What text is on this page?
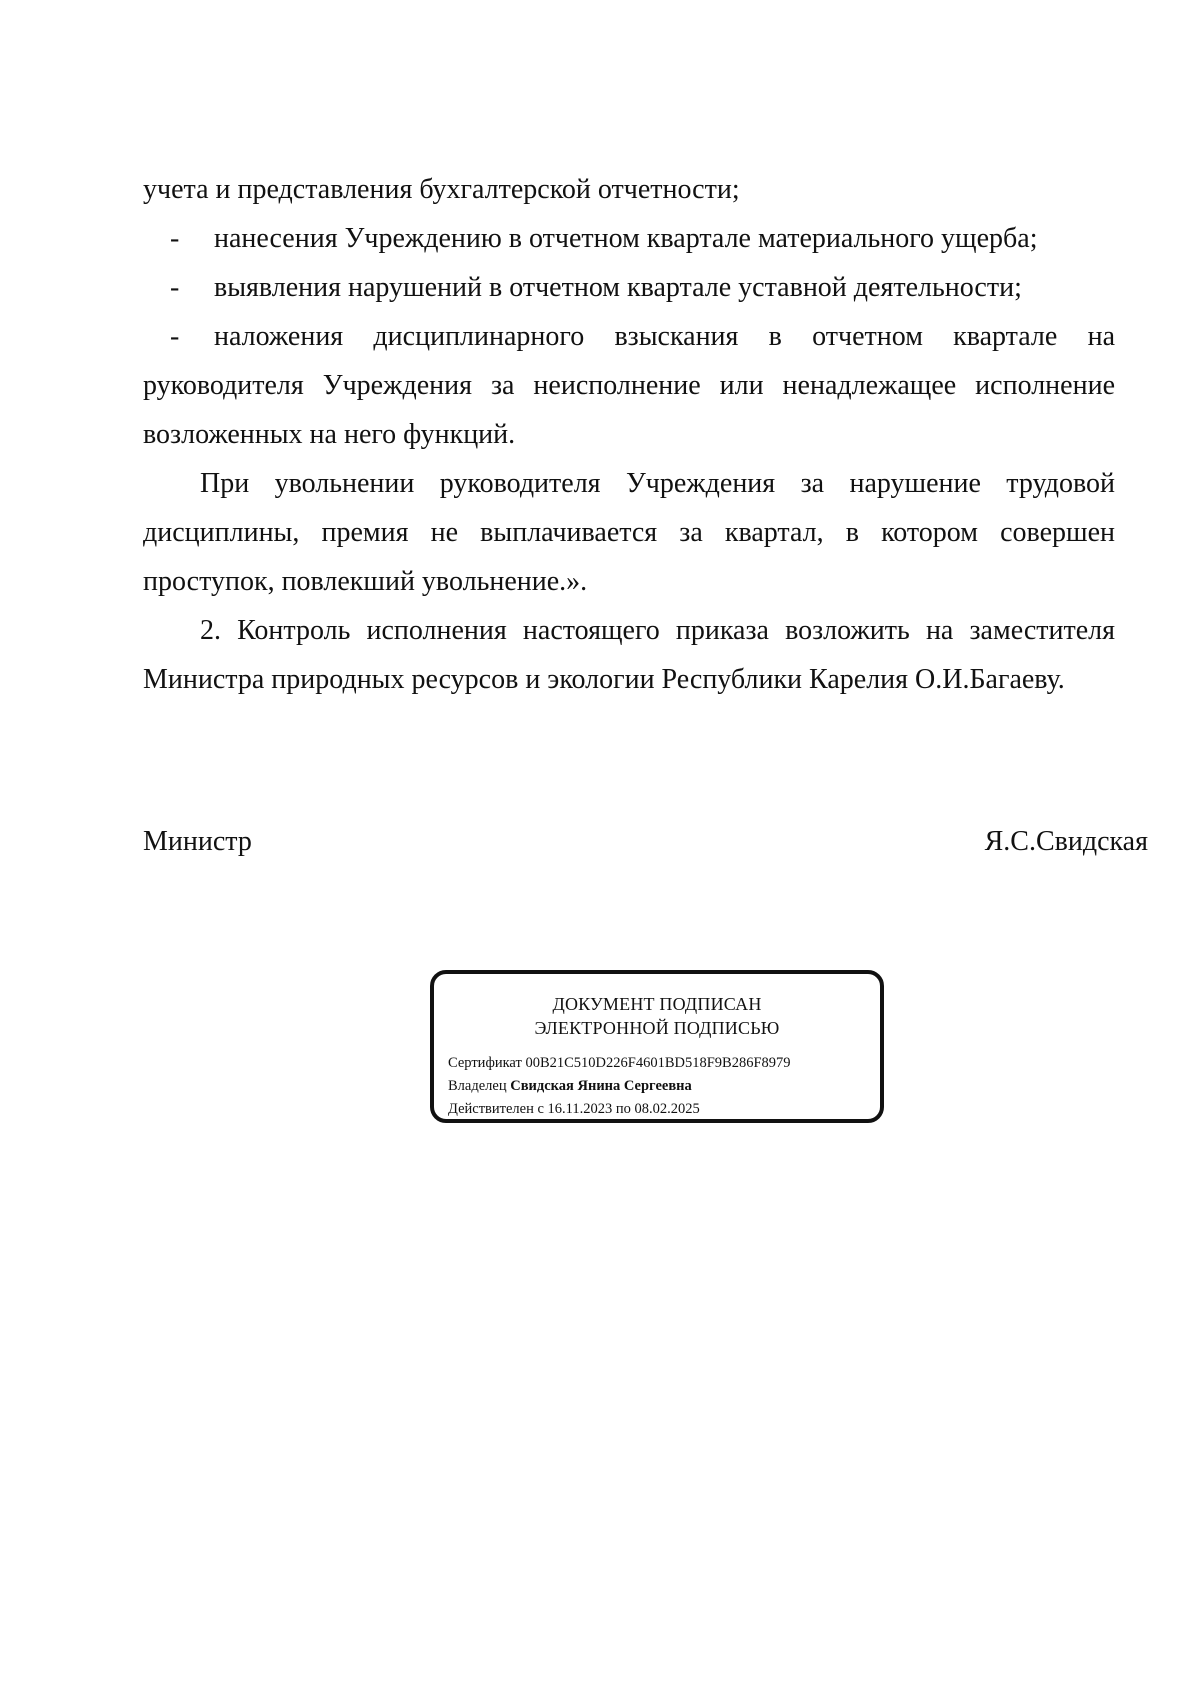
учета и представления бухгалтерской отчетности;

- нанесения Учреждению в отчетном квартале материального ущерба;

- выявления нарушений в отчетном квартале уставной деятельности;

- наложения дисциплинарного взыскания в отчетном квартале на руководителя Учреждения за неисполнение или ненадлежащее исполнение возложенных на него функций.

При увольнении руководителя Учреждения за нарушение трудовой дисциплины, премия не выплачивается за квартал, в котором совершен проступок, повлекший увольнение.».

2. Контроль исполнения настоящего приказа возложить на заместителя Министра природных ресурсов и экологии Республики Карелия О.И.Багаеву.

Министр	Я.С.Свидская
ДОКУМЕНТ ПОДПИСАН
ЭЛЕКТРОННОЙ ПОДПИСЬЮ
Сертификат 00B21C510D226F4601BD518F9B286F8979
Владелец Свидская Янина Сергеевна
Действителен с 16.11.2023 по 08.02.2025
